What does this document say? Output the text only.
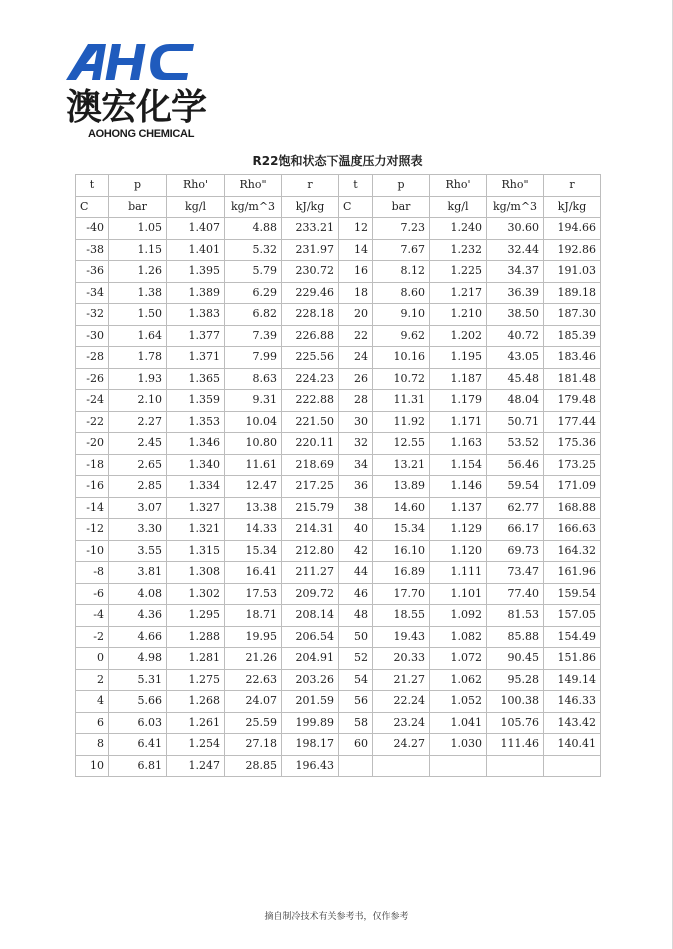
澳宏化学
AOHONG CHEMICAL
R22饱和状态下温度压力对照表
t	p	Rho'	Rho"	r	t	p	Rho'	Rho"	r
C	bar	kg/l	kg/m^3	kJ/kg	C	bar	kg/l	kg/m^3	kJ/kg
-40	1.05	1.407	4.88	233.21	12	7.23	1.240	30.60	194.66
-38	1.15	1.401	5.32	231.97	14	7.67	1.232	32.44	192.86
-36	1.26	1.395	5.79	230.72	16	8.12	1.225	34.37	191.03
-34	1.38	1.389	6.29	229.46	18	8.60	1.217	36.39	189.18
-32	1.50	1.383	6.82	228.18	20	9.10	1.210	38.50	187.30
-30	1.64	1.377	7.39	226.88	22	9.62	1.202	40.72	185.39
-28	1.78	1.371	7.99	225.56	24	10.16	1.195	43.05	183.46
-26	1.93	1.365	8.63	224.23	26	10.72	1.187	45.48	181.48
-24	2.10	1.359	9.31	222.88	28	11.31	1.179	48.04	179.48
-22	2.27	1.353	10.04	221.50	30	11.92	1.171	50.71	177.44
-20	2.45	1.346	10.80	220.11	32	12.55	1.163	53.52	175.36
-18	2.65	1.340	11.61	218.69	34	13.21	1.154	56.46	173.25
-16	2.85	1.334	12.47	217.25	36	13.89	1.146	59.54	171.09
-14	3.07	1.327	13.38	215.79	38	14.60	1.137	62.77	168.88
-12	3.30	1.321	14.33	214.31	40	15.34	1.129	66.17	166.63
-10	3.55	1.315	15.34	212.80	42	16.10	1.120	69.73	164.32
-8	3.81	1.308	16.41	211.27	44	16.89	1.111	73.47	161.96
-6	4.08	1.302	17.53	209.72	46	17.70	1.101	77.40	159.54
-4	4.36	1.295	18.71	208.14	48	18.55	1.092	81.53	157.05
-2	4.66	1.288	19.95	206.54	50	19.43	1.082	85.88	154.49
0	4.98	1.281	21.26	204.91	52	20.33	1.072	90.45	151.86
2	5.31	1.275	22.63	203.26	54	21.27	1.062	95.28	149.14
4	5.66	1.268	24.07	201.59	56	22.24	1.052	100.38	146.33
6	6.03	1.261	25.59	199.89	58	23.24	1.041	105.76	143.42
8	6.41	1.254	27.18	198.17	60	24.27	1.030	111.46	140.41
10	6.81	1.247	28.85	196.43					
摘自制冷技术有关参考书，仅作参考
